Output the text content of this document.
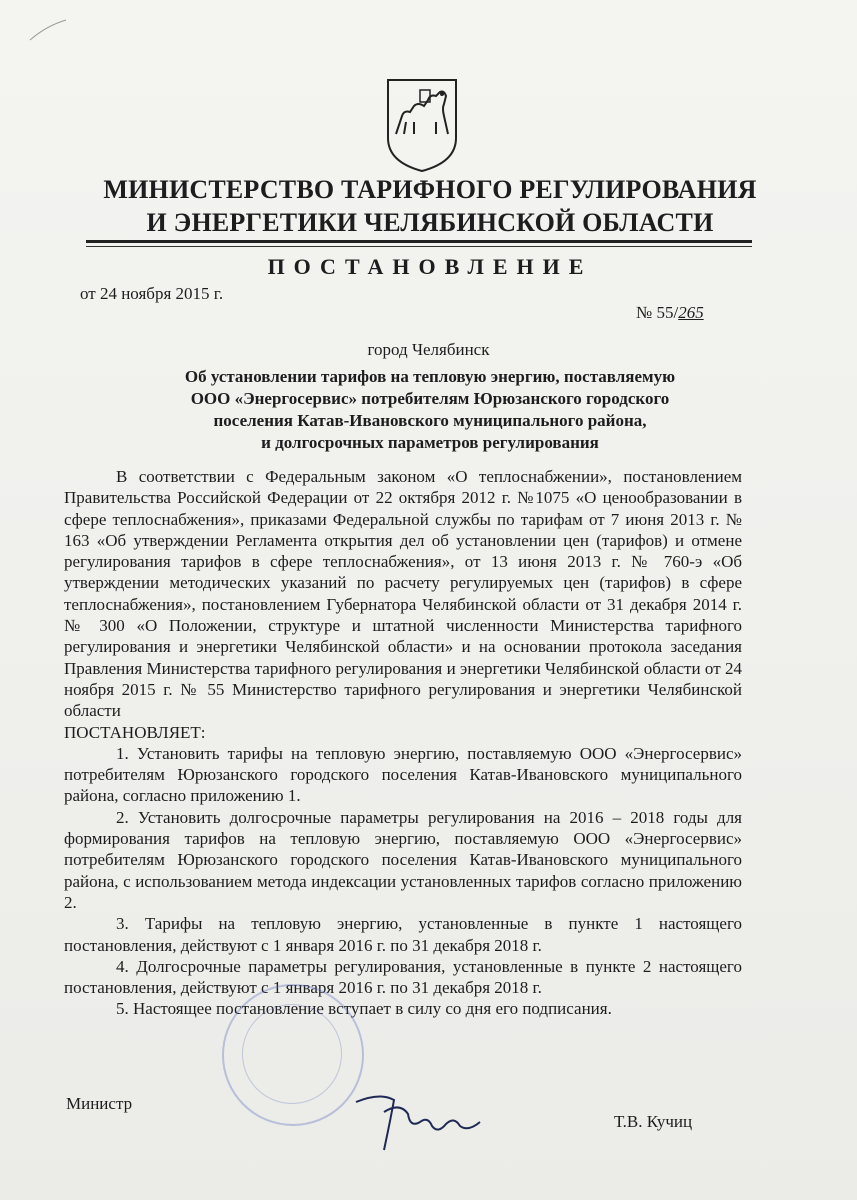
МИНИСТЕРСТВО ТАРИФНОГО РЕГУЛИРОВАНИЯ
И ЭНЕРГЕТИКИ ЧЕЛЯБИНСКОЙ ОБЛАСТИ
ПОСТАНОВЛЕНИЕ
от 24 ноября 2015 г.
№ 55/265
город Челябинск
Об установлении тарифов на тепловую энергию, поставляемую
ООО «Энергосервис» потребителям Юрюзанского городского
поселения Катав-Ивановского муниципального района,
и долгосрочных параметров регулирования

В соответствии с Федеральным законом «О теплоснабжении», постановлением Правительства Российской Федерации от 22 октября 2012 г. №1075 «О ценообразовании в сфере теплоснабжения», приказами Федеральной службы по тарифам от 7 июня 2013 г. № 163 «Об утверждении Регламента открытия дел об установлении цен (тарифов) и отмене регулирования тарифов в сфере теплоснабжения», от 13 июня 2013 г. № 760-э «Об утверждении методических указаний по расчету регулируемых цен (тарифов) в сфере теплоснабжения», постановлением Губернатора Челябинской области от 31 декабря 2014 г. № 300 «О Положении, структуре и штатной численности Министерства тарифного регулирования и энергетики Челябинской области» и на основании протокола заседания Правления Министерства тарифного регулирования и энергетики Челябинской области от 24 ноября 2015 г. № 55 Министерство тарифного регулирования и энергетики Челябинской области

ПОСТАНОВЛЯЕТ:

1. Установить тарифы на тепловую энергию, поставляемую ООО «Энергосервис» потребителям Юрюзанского городского поселения Катав-Ивановского муниципального района, согласно приложению 1.

2. Установить долгосрочные параметры регулирования на 2016 – 2018 годы для формирования тарифов на тепловую энергию, поставляемую ООО «Энергосервис» потребителям Юрюзанского городского поселения Катав-Ивановского муниципального района, с использованием метода индексации установленных тарифов согласно приложению 2.

3. Тарифы на тепловую энергию, установленные в пункте 1 настоящего постановления, действуют с 1 января 2016 г. по 31 декабря 2018 г.

4. Долгосрочные параметры регулирования, установленные в пункте 2 настоящего постановления, действуют с 1 января 2016 г. по 31 декабря 2018 г.

5. Настоящее постановление вступает в силу со дня его подписания.

Министр
Т.В. Кучиц
